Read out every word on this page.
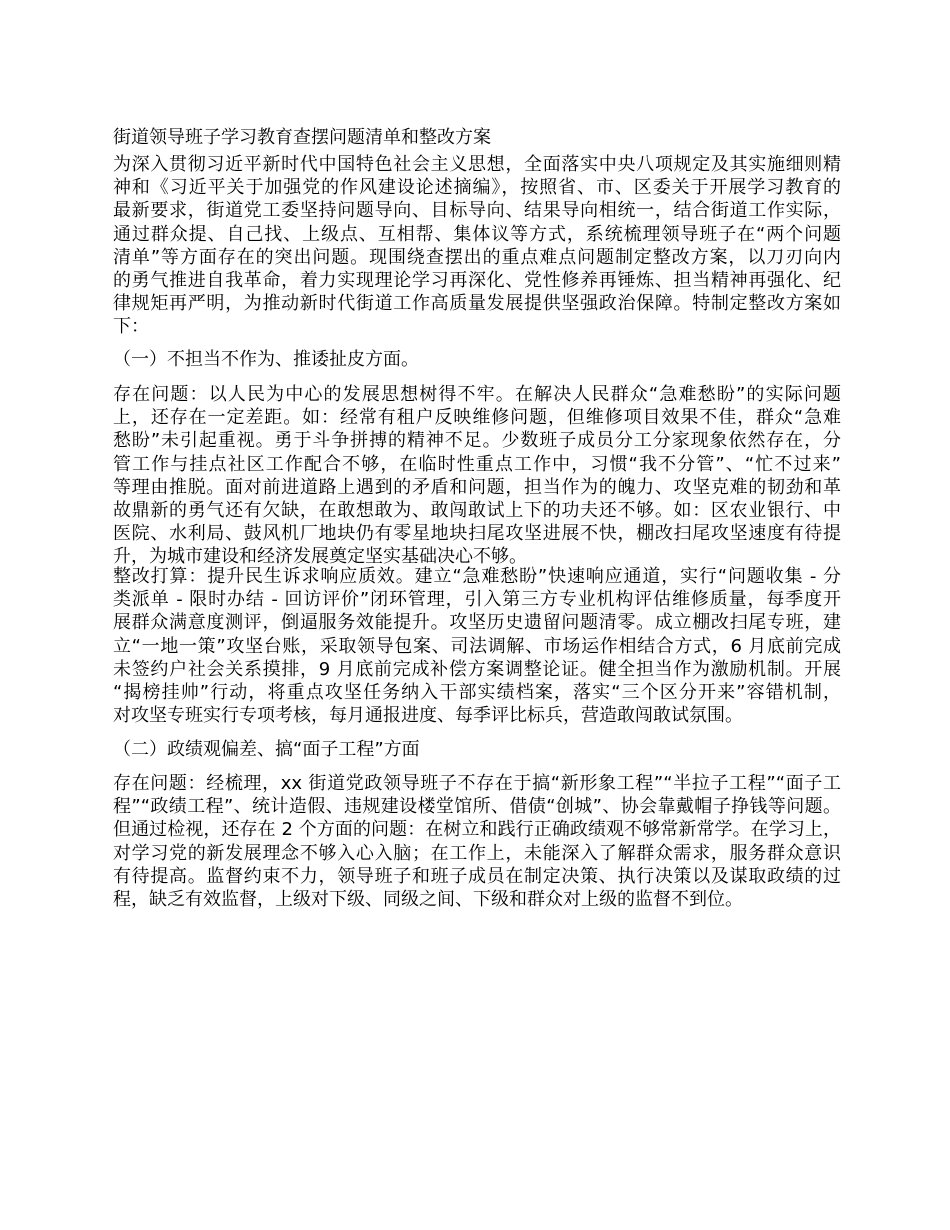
街道领导班子学习教育查摆问题清单和整改方案
为深入贯彻习近平新时代中国特色社会主义思想，全面落实中央八项规定及其实施细则精
神和《习近平关于加强党的作风建设论述摘编》，按照省、市、区委关于开展学习教育的
最新要求，街道党工委坚持问题导向、目标导向、结果导向相统一，结合街道工作实际，
通过群众提、自己找、上级点、互相帮、集体议等方式，系统梳理领导班子在“两个问题
清单”等方面存在的突出问题。现围绕查摆出的重点难点问题制定整改方案，以刀刃向内
的勇气推进自我革命，着力实现理论学习再深化、党性修养再锤炼、担当精神再强化、纪
律规矩再严明，为推动新时代街道工作高质量发展提供坚强政治保障。特制定整改方案如
下：
（一）不担当不作为、推诿扯皮方面。
存在问题：以人民为中心的发展思想树得不牢。在解决人民群众“急难愁盼”的实际问题
上，还存在一定差距。如：经常有租户反映维修问题，但维修项目效果不佳，群众“急难
愁盼”未引起重视。勇于斗争拼搏的精神不足。少数班子成员分工分家现象依然存在，分
管工作与挂点社区工作配合不够，在临时性重点工作中，习惯“我不分管”、“忙不过来”
等理由推脱。面对前进道路上遇到的矛盾和问题，担当作为的魄力、攻坚克难的韧劲和革
故鼎新的勇气还有欠缺，在敢想敢为、敢闯敢试上下的功夫还不够。如：区农业银行、中
医院、水利局、鼓风机厂地块仍有零星地块扫尾攻坚进展不快，棚改扫尾攻坚速度有待提
升，为城市建设和经济发展奠定坚实基础决心不够。
整改打算：提升民生诉求响应质效。建立“急难愁盼”快速响应通道，实行“问题收集 - 分
类派单 - 限时办结 - 回访评价”闭环管理，引入第三方专业机构评估维修质量，每季度开
展群众满意度测评，倒逼服务效能提升。攻坚历史遗留问题清零。成立棚改扫尾专班，建
立“一地一策”攻坚台账，采取领导包案、司法调解、市场运作相结合方式，6 月底前完成
未签约户社会关系摸排，9 月底前完成补偿方案调整论证。健全担当作为激励机制。开展
“揭榜挂帅”行动，将重点攻坚任务纳入干部实绩档案，落实“三个区分开来”容错机制，
对攻坚专班实行专项考核，每月通报进度、每季评比标兵，营造敢闯敢试氛围。
（二）政绩观偏差、搞“面子工程”方面
存在问题：经梳理，xx 街道党政领导班子不存在于搞“新形象工程”“半拉子工程”“面子工
程”“政绩工程”、统计造假、违规建设楼堂馆所、借债“创城”、协会靠戴帽子挣钱等问题。
但通过检视，还存在 2 个方面的问题：在树立和践行正确政绩观不够常新常学。在学习上，
对学习党的新发展理念不够入心入脑；在工作上，未能深入了解群众需求，服务群众意识
有待提高。监督约束不力，领导班子和班子成员在制定决策、执行决策以及谋取政绩的过
程，缺乏有效监督，上级对下级、同级之间、下级和群众对上级的监督不到位。
